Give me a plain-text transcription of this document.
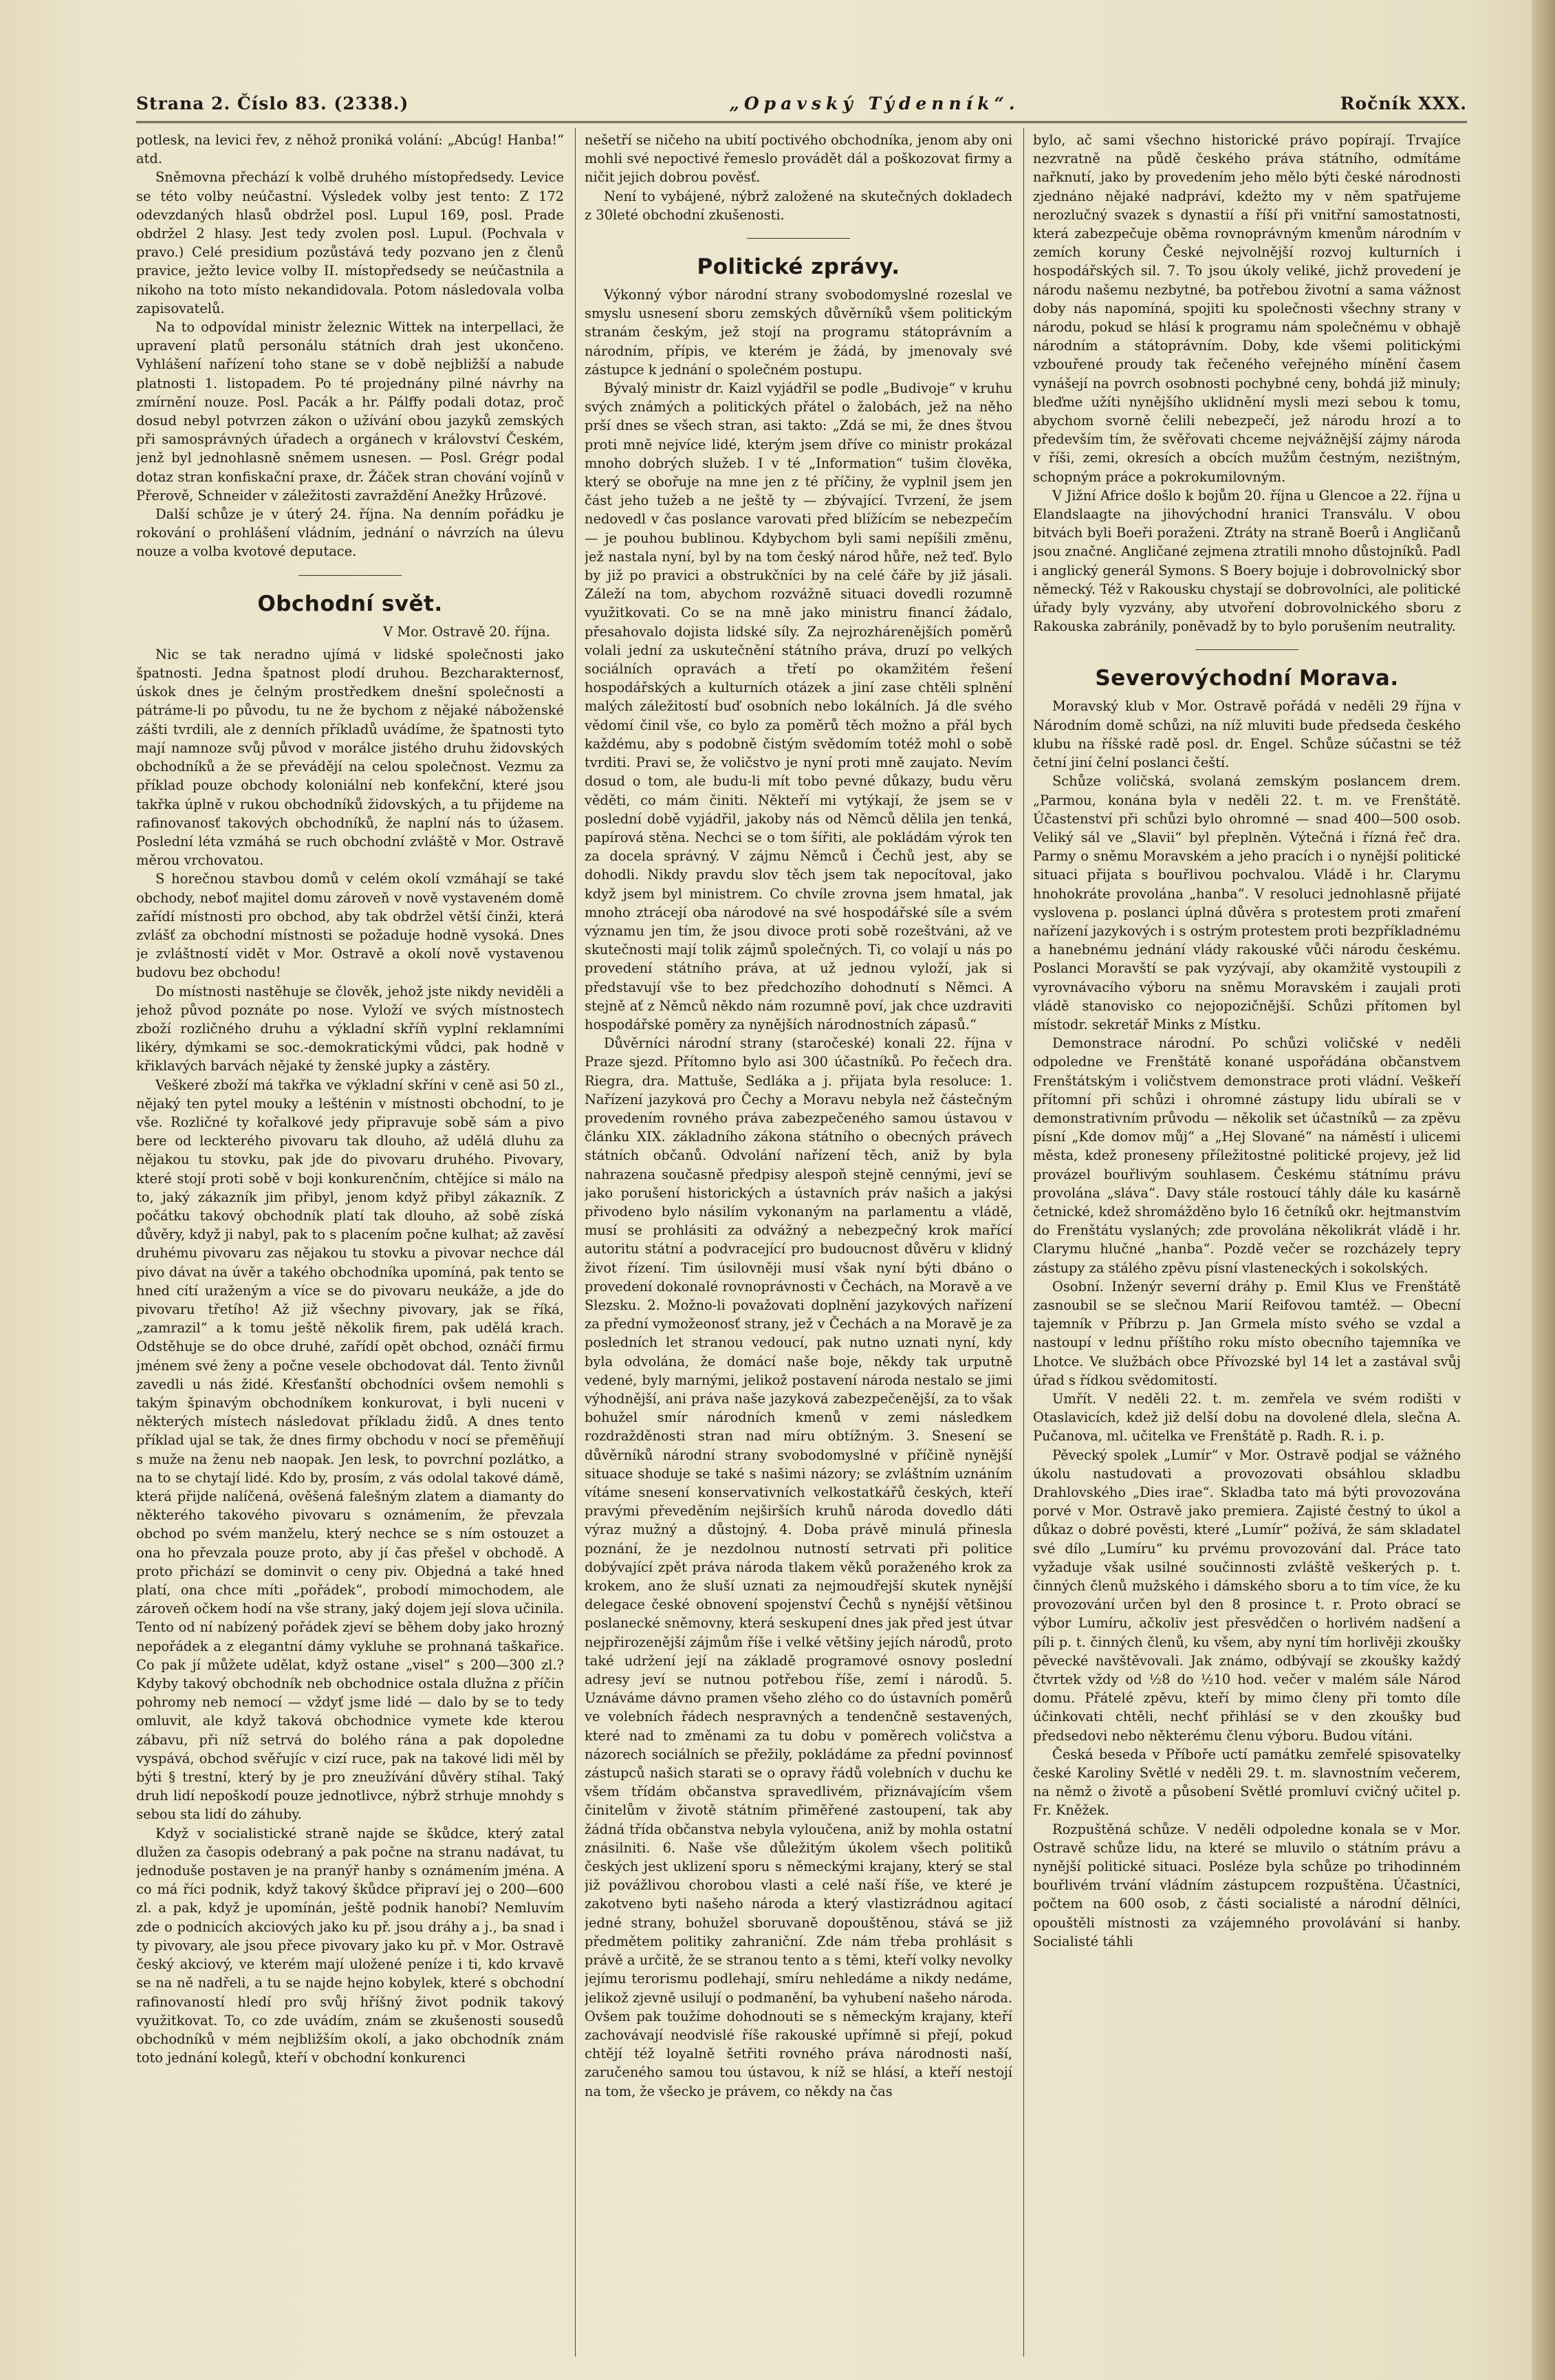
Strana 2. Číslo 83. (2338.)	„Opavský Týdenník“.	Ročník XXX.

potlesk, na levici řev, z něhož proniká volání: „Abcúg! Hanba!“ atd.

Sněmovna přechází k volbě druhého místopředsedy. Levice se této volby neúčastní. Výsledek volby jest tento: Z 172 odevzdaných hlasů obdržel posl. Lupul 169, posl. Prade obdržel 2 hlasy. Jest tedy zvolen posl. Lupul. (Pochvala v pravo.) Celé presidium pozůstává tedy pozvano jen z členů pravice, ježto levice volby II. místopředsedy se neúčastnila a nikoho na toto místo nekandidovala. Potom následovala volba zapisovatelů.

Na to odpovídal ministr železnic Wittek na interpellaci, že upravení platů personálu státních drah jest ukončeno. Vyhlášení nařízení toho stane se v době nejbližší a nabude platnosti 1. listopadem. Po té projednány pilné návrhy na zmírnění nouze. Posl. Pacák a hr. Pálffy podali dotaz, proč dosud nebyl potvrzen zákon o užívání obou jazyků zemských při samosprávných úřadech a orgánech v království Českém, jenž byl jednohlasně sněmem usnesen. — Posl. Grégr podal dotaz stran konfiskační praxe, dr. Žáček stran chování vojínů v Přerově, Schneider v záležitosti zavraždění Anežky Hrůzové.

Další schůze je v úterý 24. října. Na denním pořádku je rokování o prohlášení vládním, jednání o návrzích na úlevu nouze a volba kvotové deputace.

Obchodní svět.

V Mor. Ostravě 20. října.

Nic se tak neradno ujímá v lidské společnosti jako špatnosti. Jedna špatnost plodí druhou. Bezcharakternosť, úskok dnes je čelným prostředkem dnešní společnosti a pátráme-li po původu, tu ne že bychom z nějaké náboženské zášti tvrdili, ale z denních příkladů uvádíme, že špatnosti tyto mají namnoze svůj původ v morálce jistého druhu židovských obchodníků a že se převádějí na celou společnost. Vezmu za příklad pouze obchody koloniální neb konfekční, které jsou takřka úplně v rukou obchodníků židovských, a tu přijdeme na rafinovanosť takových obchodníků, že naplní nás to úžasem. Poslední léta vzmáhá se ruch obchodní zvláště v Mor. Ostravě měrou vrchovatou.

S horečnou stavbou domů v celém okolí vzmáhají se také obchody, neboť majitel domu zároveň v nově vystaveném domě zařídí místnosti pro obchod, aby tak obdržel větší činži, která zvlášť za obchodní místnosti se požaduje hodně vysoká. Dnes je zvláštností vidět v Mor. Ostravě a okolí nově vystavenou budovu bez obchodu!

Do místnosti nastěhuje se člověk, jehož jste nikdy neviděli a jehož původ poznáte po nose. Vyloží ve svých místnostech zboží rozličného druhu a výkladní skříň vyplní reklamními likéry, dýmkami se soc.-demokratickými vůdci, pak hodně v křiklavých barvách nějaké ty ženské jupky a zástěry.

Veškeré zboží má takřka ve výkladní skříni v ceně asi 50 zl., nějaký ten pytel mouky a lešténin v místnosti obchodní, to je vše. Rozličné ty kořalkové jedy připravuje sobě sám a pivo bere od leckterého pivovaru tak dlouho, až udělá dluhu za nějakou tu stovku, pak jde do pivovaru druhého. Pivovary, které stojí proti sobě v boji konkurenčním, chtějíce si málo na to, jaký zákazník jim přibyl, jenom když přibyl zákazník. Z počátku takový obchodník platí tak dlouho, až sobě získá důvěry, když ji nabyl, pak to s placením počne kulhat; až zavěsí druhému pivovaru zas nějakou tu stovku a pivovar nechce dál pivo dávat na úvěr a takého obchodníka upomíná, pak tento se hned cítí uraženým a více se do pivovaru neukáže, a jde do pivovaru třetího! Až již všechny pivovary, jak se říká, „zamrazil“ a k tomu ještě několik firem, pak udělá krach. Odstěhuje se do obce druhé, zařídí opět obchod, oznáčí firmu jménem své ženy a počne vesele obchodovat dál. Tento živnůl zavedli u nás židé. Křesťanští obchodníci ovšem nemohli s takým špinavým obchodníkem konkurovat, i byli nuceni v některých místech následovat příkladu židů. A dnes tento příklad ujal se tak, že dnes firmy obchodu v nocí se přeměňují s muže na ženu neb naopak. Jen lesk, to povrchní pozlátko, a na to se chytají lidé. Kdo by, prosím, z vás odolal takové dámě, která přijde nalíčená, ověšená falešným zlatem a diamanty do některého takového pivovaru s oznámením, že převzala obchod po svém manželu, který nechce se s ním ostouzet a ona ho převzala pouze proto, aby jí čas přešel v obchodě. A proto přichází se dominvit o ceny piv. Objedná a také hned platí, ona chce míti „pořádek“, probodí mimochodem, ale zároveň očkem hodí na vše strany, jaký dojem její slova učinila. Tento od ní nabízený pořádek zjeví se během doby jako hrozný nepořádek a z elegantní dámy vykluhe se prohnaná taškařice. Co pak jí můžete udělat, když ostane „visel“ s 200—300 zl.? Kdyby takový obchodník neb obchodnice ostala dlužna z příčin pohromy neb nemocí — vždyť jsme lidé — dalo by se to tedy omluvit, ale když taková obchodnice vymete kde kterou zábavu, při níž setrvá do bolého rána a pak dopoledne vyspává, obchod svěřujíc v cizí ruce, pak na takové lidi měl by býti § trestní, který by je pro zneužívání důvěry stíhal. Taký druh lidí nepoškodí pouze jednotlivce, nýbrž strhuje mnohdy s sebou sta lidí do záhuby.

Když v socialistické straně najde se škůdce, který zatal dlužen za časopis odebraný a pak počne na stranu nadávat, tu jednoduše postaven je na pranýř hanby s oznámením jména. A co má říci podnik, když takový škůdce připraví jej o 200—600 zl. a pak, když je upomínán, ještě podnik hanobí? Nemluvím zde o podnicích akciových jako ku př. jsou dráhy a j., ba snad i ty pivovary, ale jsou přece pivovary jako ku př. v Mor. Ostravě český akciový, ve kterém mají uložené peníze i ti, kdo krvavě se na ně nadřeli, a tu se najde hejno kobylek, které s obchodní rafinovaností hledí pro svůj hříšný život podnik takový využitkovat. To, co zde uvádím, znám se zkušenosti sousedů obchodníků v mém nejbližším okolí, a jako obchodník znám toto jednání kolegů, kteří v obchodní konkurenci

nešetří se ničeho na ubití poctivého obchodníka, jenom aby oni mohli své nepoctivé řemeslo provádět dál a poškozovat firmy a ničit jejich dobrou pověsť.

Není to vybájené, nýbrž založené na skutečných dokladech z 30leté obchodní zkušenosti.

Politické zprávy.

Výkonný výbor národní strany svobodomyslné rozeslal ve smyslu usnesení sboru zemských důvěrníků všem politickým stranám českým, jež stojí na programu státoprávním a národním, přípis, ve kterém je žádá, by jmenovaly své zástupce k jednání o společném postupu.

Bývalý ministr dr. Kaizl vyjádřil se podle „Budivoje“ v kruhu svých známých a politických přátel o žalobách, jež na něho prší dnes se všech stran, asi takto: „Zdá se mi, že dnes štvou proti mně nejvíce lidé, kterým jsem dříve co ministr prokázal mnoho dobrých služeb. I v té „Information“ tušim člověka, který se obořuje na mne jen z té příčiny, že vyplnil jsem jen část jeho tužeb a ne ještě ty — zbývající. Tvrzení, že jsem nedovedl v čas poslance varovati před blížícím se nebezpečím — je pouhou bublinou. Kdybychom byli sami nepíšili změnu, jež nastala nyní, byl by na tom český národ hůře, než teď. Bylo by již po pravici a obstrukčníci by na celé čáře by již jásali. Záleží na tom, abychom rozvážně situaci dovedli rozumně využitkovati. Co se na mně jako ministru financí žádalo, přesahovalo dojista lidské síly. Za nejrozhárenějších poměrů volali jední za uskutečnění státního práva, druzí po velkých sociálních opravách a třetí po okamžitém řešení hospodářských a kulturních otázek a jiní zase chtěli splnění malých záležitostí buď osobních nebo lokálních. Já dle svého vědomí činil vše, co bylo za poměrů těch možno a přál bych každému, aby s podobně čistým svědomím totéž mohl o sobě tvrditi. Pravi se, že voličstvo je nyní proti mně zaujato. Nevím dosud o tom, ale budu-li mít tobo pevné důkazy, budu věru věděti, co mám činiti. Někteří mi vytýkají, že jsem se v poslední době vyjádřil, jakoby nás od Němců dělila jen tenká, papírová stěna. Nechci se o tom šířiti, ale pokládám výrok ten za docela správný. V zájmu Němců i Čechů jest, aby se dohodli. Nikdy pravdu slov těch jsem tak nepocítoval, jako když jsem byl ministrem. Co chvíle zrovna jsem hmatal, jak mnoho ztrácejí oba národové na své hospodářské síle a svém významu jen tím, že jsou divoce proti sobě rozeštváni, až ve skutečnosti mají tolik zájmů společných. Ti, co volají u nás po provedení státního práva, at už jednou vyloží, jak si představují vše to bez předchozího dohodnutí s Němci. A stejně ať z Němců někdo nám rozumně poví, jak chce uzdraviti hospodářské poměry za nynějších národnostních zápasů.“

Důvěrníci národní strany (staročeské) konali 22. října v Praze sjezd. Přítomno bylo asi 300 účastníků. Po řečech dra. Riegra, dra. Mattuše, Sedláka a j. přijata byla resoluce: 1. Nařízení jazyková pro Čechy a Moravu nebyla než částečným provedením rovného práva zabezpečeného samou ústavou v článku XIX. základního zákona státního o obecných právech státních občanů. Odvolání nařízení těch, aniž by byla nahrazena současně předpisy alespoň stejně cennými, jeví se jako porušení historických a ústavních práv našich a jakýsi přivodeno bylo násilím vykonaným na parlamentu a vládě, musí se prohlásiti za odvážný a nebezpečný krok mařící autoritu státní a podvracející pro budoucnost důvěru v klidný život řízení. Tim úsilovněji musí však nyní býti dbáno o provedení dokonalé rovnoprávnosti v Čechách, na Moravě a ve Slezsku. 2. Možno-li považovati doplnění jazykových nařízení za přední vymožeonosť strany, jež v Čechách a na Moravě je za posledních let stranou vedoucí, pak nutno uznati nyní, kdy byla odvolána, že domácí naše boje, někdy tak urputně vedené, byly marnými, jelikož postavení národa nestalo se jimi výhodnější, ani práva naše jazyková zabezpečenější, za to však bohužel smír národních kmenů v zemi následkem rozdražděnosti stran nad míru obtížným. 3. Snesení se důvěrníků národní strany svobodomyslné v příčině nynější situace shoduje se také s našimi názory; se zvláštním uznáním vítáme snesení konservativních velkostatkářů českých, kteří pravými převeděním nejširších kruhů národa dovedlo dáti výraz mužný a důstojný. 4. Doba právě minulá přinesla poznání, že je nezdolnou nutností setrvati při politice dobývající zpět práva národa tlakem věků poraženého krok za krokem, ano že sluší uznati za nejmoudřejší skutek nynější delegace české obnovení spojenství Čechů s nynější většinou poslanecké sněmovny, která seskupení dnes jak před jest útvar nejpřirozenější zájmům říše i velké většiny jejích národů, proto také udržení její na základě programové osnovy poslední adresy jeví se nutnou potřebou říše, zemí i národů. 5. Uznáváme dávno pramen všeho zlého co do ústavních poměrů ve volebních řádech nespravných a tendenčně sestavených, které nad to změnami za tu dobu v poměrech voličstva a názorech sociálních se přežily, pokládáme za přední povinnosť zástupců našich starati se o opravy řádů volebních v duchu ke všem třídám občanstva spravedlivém, přiznávajícím všem činitelům v životě státním přiměřené zastoupení, tak aby žádná třída občanstva nebyla vyloučena, aniž by mohla ostatní znásilniti. 6. Naše vše důležitým úkolem všech politiků českých jest uklizení sporu s německými krajany, který se stal již povážlivou chorobou vlasti a celé naší říše, ve které je zakotveno byti našeho národa a který vlastizrádnou agitací jedné strany, bohužel sboruvaně dopouštěnou, stává se již předmětem politiky zahraniční. Zde nám třeba prohlásit s právě a určitě, že se stranou tento a s těmi, kteří volky nevolky jejímu terorismu podlehají, smíru nehledáme a nikdy nedáme, jelikož zjevně usilují o podmanění, ba vyhubení našeho národa. Ovšem pak toužíme dohodnouti se s německým krajany, kteří zachovávají neodvislé říše rakouské upřímně si přejí, pokud chtějí též loyalně šetřiti rovného práva národnosti naší, zaručeného samou tou ústavou, k níž se hlásí, a kteří nestojí na tom, že všecko je právem, co někdy na čas

bylo, ač sami všechno historické právo popírají. Trvajíce nezvratně na půdě českého práva státního, odmítáme nařknutí, jako by provedením jeho mělo býti české národnosti zjednáno nějaké nadpráví, kdežto my v něm spatřujeme nerozlučný svazek s dynastií a říší při vnitřní samostatnosti, která zabezpečuje oběma rovnoprávným kmenům národním v zemích koruny České nejvolnější rozvoj kulturních i hospodářských sil. 7. To jsou úkoly veliké, jichž provedení je národu našemu nezbytné, ba potřebou životní a sama vážnost doby nás napomíná, spojiti ku společnosti všechny strany v národu, pokud se hlásí k programu nám společnému v obhajě národním a státoprávním. Doby, kde všemi politickými vzbouřené proudy tak řečeného veřejného mínění časem vynášejí na povrch osobnosti pochybné ceny, bohdá již minuly; bleďme užíti nynějšího uklidnění mysli mezi sebou k tomu, abychom svorně čelili nebezpečí, jež národu hrozí a to především tím, že svěřovati chceme nejvážnější zájmy národa v říši, zemi, okresích a obcích mužům čestným, nezištným, schopným práce a pokrokumilovným.

V Jižní Africe došlo k bojům 20. října u Glencoe a 22. října u Elandslaagte na jihovýchodní hranici Transválu. V obou bitvách byli Boeři poraženi. Ztráty na straně Boerů i Angličanů jsou značné. Angličané zejmena ztratili mnoho důstojníků. Padl i anglický generál Symons. S Boery bojuje i dobrovolnický sbor německý. Též v Rakousku chystají se dobrovolníci, ale politické úřady byly vyzvány, aby utvoření dobrovolnického sboru z Rakouska zabránily, poněvadž by to bylo porušením neutrality.

Severovýchodní Morava.

Moravský klub v Mor. Ostravě pořádá v neděli 29 října v Národním domě schůzi, na níž mluviti bude předseda českého klubu na říšské radě posl. dr. Engel. Schůze súčastni se též četní jiní čelní poslanci čeští.

Schůze voličská, svolaná zemským poslancem drem. „Parmou, konána byla v neděli 22. t. m. ve Frenštátě. Účastenství při schůzi bylo ohromné — snad 400—500 osob. Veliký sál ve „Slavii“ byl přeplněn. Výtečná i řízná řeč dra. Parmy o sněmu Moravském a jeho pracích i o nynější politické situaci přijata s bouřlivou pochvalou. Vládě i hr. Clarymu hnohokráte provolána „hanba“. V resoluci jednohlasně přijaté vyslovena p. poslanci úplná důvěra s protestem proti zmaření nařízení jazykových i s ostrým protestem proti bezpříkladnému a hanebnému jednání vlády rakouské vůči národu českému. Poslanci Moravští se pak vyzývají, aby okamžitě vystoupili z vyrovnávacího výboru na sněmu Moravském i zaujali proti vládě stanovisko co nejopozičnější. Schůzi přítomen byl místodr. sekretář Minks z Místku.

Demonstrace národní. Po schůzi voličské v neděli odpoledne ve Frenštátě konané uspořádána občanstvem Frenštátským i voličstvem demonstrace proti vládní. Veškeří přítomní při schůzi i ohromné zástupy lidu ubírali se v demonstrativním průvodu — několik set účastníků — za zpěvu písní „Kde domov můj“ a „Hej Slované“ na náměstí i ulicemi města, kdež proneseny příležitostné politické projevy, jež lid provázel bouřlivým souhlasem. Českému státnímu právu provolána „sláva“. Davy stále rostoucí táhly dále ku kasárně četnické, kdež shromážděno bylo 16 četníků okr. hejtmanstvím do Frenštátu vyslaných; zde provolána několikrát vládě i hr. Clarymu hlučné „hanba“. Pozdě večer se rozcházely tepry zástupy za stálého zpěvu písní vlasteneckých i sokolských.

Osobní. Inženýr severní dráhy p. Emil Klus ve Frenštátě zasnoubil se se slečnou Marií Reifovou tamtéž. — Obecní tajemník v Příbrzu p. Jan Grmela místo svého se vzdal a nastoupí v lednu příštího roku místo obecního tajemníka ve Lhotce. Ve službách obce Přívozské byl 14 let a zastával svůj úřad s řídkou svědomitostí.

Umřít. V neděli 22. t. m. zemřela ve svém rodišti v Otaslavicích, kdež již delší dobu na dovolené dlela, slečna A. Pučanova, ml. učitelka ve Frenštátě p. Radh. R. i. p.

Pěvecký spolek „Lumír“ v Mor. Ostravě podjal se vážného úkolu nastudovati a provozovati obsáhlou skladbu Drahlovského „Dies irae“. Skladba tato má býti provozována porvé v Mor. Ostravě jako premiera. Zajisté čestný to úkol a důkaz o dobré pověsti, které „Lumír“ požívá, že sám skladatel své dílo „Lumíru“ ku prvému provozování dal. Práce tato vyžaduje však usilné součinnosti zvláště veškerých p. t. činných členů mužského i dámského sboru a to tím více, že ku provozování určen byl den 8 prosince t. r. Proto obrací se výbor Lumíru, ačkoliv jest přesvědčen o horlivém nadšení a píli p. t. činných členů, ku všem, aby nyní tím horlivěji zkoušky pěvecké navštěvovali. Jak známo, odbývají se zkoušky každý čtvrtek vždy od ½8 do ½10 hod. večer v malém sále Národ domu. Přátelé zpěvu, kteří by mimo členy při tomto díle účinkovati chtěli, nechť přihlásí se v den zkoušky buď předsedovi nebo některému členu výboru. Budou vítáni.

Česká beseda v Příboře uctí památku zemřelé spisovatelky české Karoliny Světlé v neděli 29. t. m. slavnostním večerem, na němž o životě a působení Světlé promluví cvičný učitel p. Fr. Kněžek.

Rozpuštěná schůze. V neděli odpoledne konala se v Mor. Ostravě schůze lidu, na které se mluvilo o státním právu a nynější politické situaci. Posléze byla schůze po trihodinném bouřlivém trvání vládním zástupcem rozpuštěna. Účastníci, počtem na 600 osob, z části socialisté a národní dělníci, opouštěli místnosti za vzájemného provolávání si hanby. Socialisté táhli
